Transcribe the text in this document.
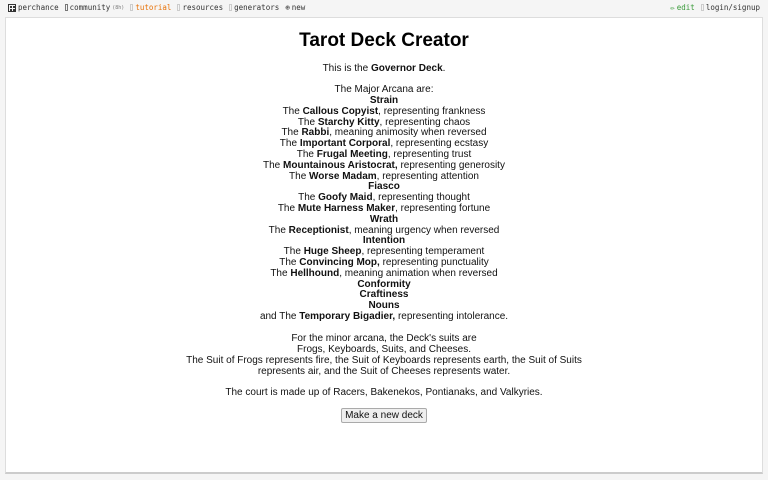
perchance community (8h) tutorial resources generators ⊕ new	✏ edit login/signup
Tarot Deck Creator
This is the Governor Deck.
The Major Arcana are:
Strain
The Callous Copyist, representing frankness
The Starchy Kitty, representing chaos
The Rabbi, meaning animosity when reversed
The Important Corporal, representing ecstasy
The Frugal Meeting, representing trust
The Mountainous Aristocrat, representing generosity
The Worse Madam, representing attention
Fiasco
The Goofy Maid, representing thought
The Mute Harness Maker, representing fortune
Wrath
The Receptionist, meaning urgency when reversed
Intention
The Huge Sheep, representing temperament
The Convincing Mop, representing punctuality
The Hellhound, meaning animation when reversed
Conformity
Craftiness
Nouns
and The Temporary Bigadier, representing intolerance.
For the minor arcana, the Deck's suits are
Frogs, Keyboards, Suits, and Cheeses.
The Suit of Frogs represents fire, the Suit of Keyboards represents earth, the Suit of Suits
represents air, and the Suit of Cheeses represents water.
The court is made up of Racers, Bakenekos, Pontianaks, and Valkyries.
Make a new deck
